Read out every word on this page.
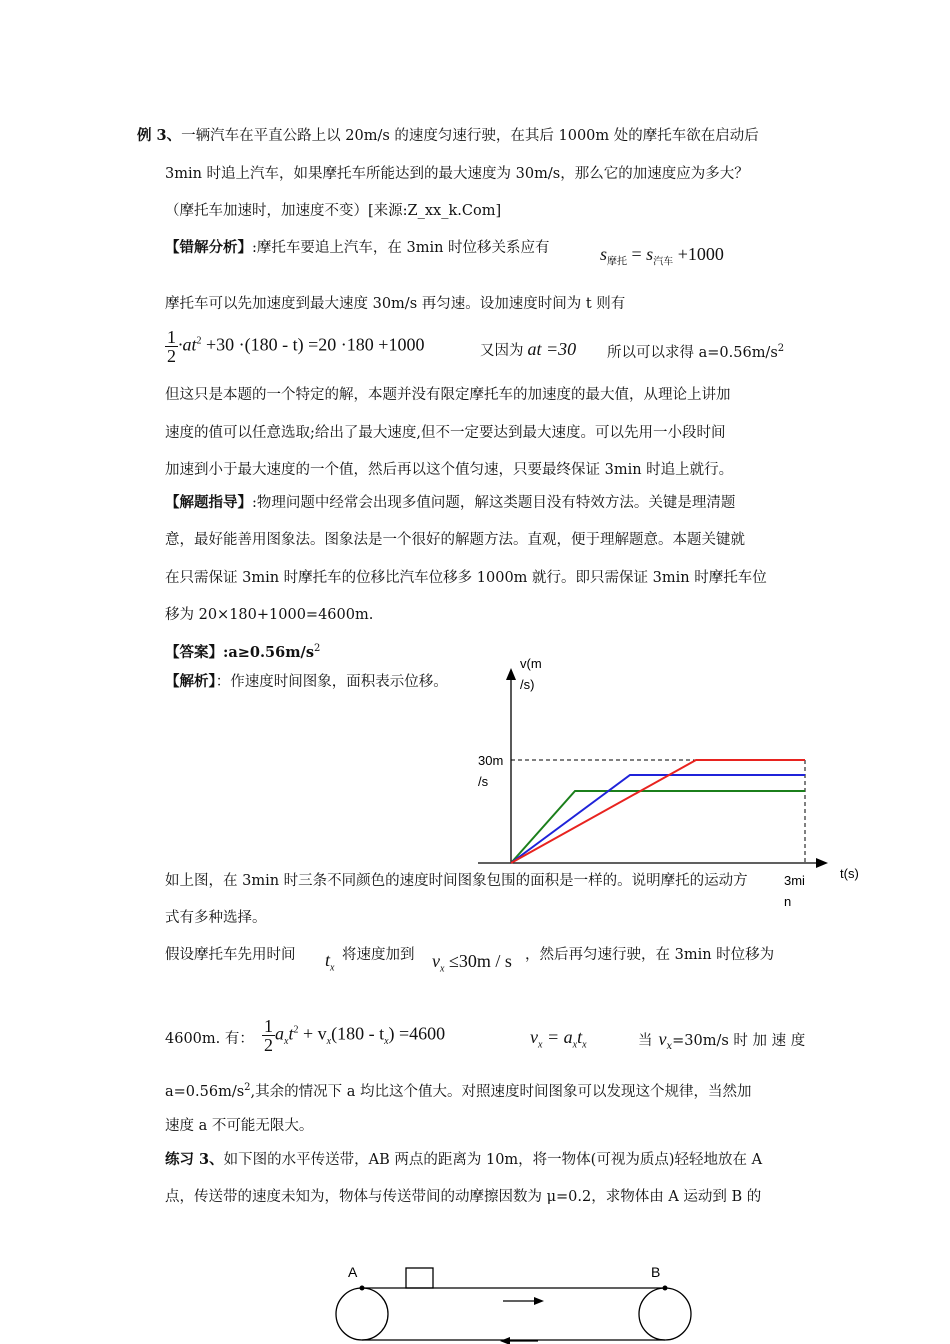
例 3、一辆汽车在平直公路上以 20m/s 的速度匀速行驶，在其后 1000m 处的摩托车欲在启动后
3min 时追上汽车，如果摩托车所能达到的最大速度为 30m/s，那么它的加速度应为多大？
（摩托车加速时，加速度不变）[来源:Z_xx_k.Com]
【错解分析】:摩托车要追上汽车，在 3min 时位移关系应有	$s_{摩托} = s_{汽车} +1000$
摩托车可以先加速度到最大速度 30m/s 再匀速。设加速度时间为 t 则有
$\frac{1}{2} \cdot at^2 +30 \cdot(180 - t) =20 \cdot 180 +1000$	又因为 at =30 所以可以求得 $a=0.56m/s^2$
但这只是本题的一个特定的解，本题并没有限定摩托车的加速度的最大值，从理论上讲加
速度的值可以任意选取;给出了最大速度,但不一定要达到最大速度。可以先用一小段时间
加速到小于最大速度的一个值，然后再以这个值匀速，只要最终保证 3min 时追上就行。
【解题指导】:物理问题中经常会出现多值问题，解这类题目没有特效方法。关键是理清题
意，最好能善用图象法。图象法是一个很好的解题方法。直观，便于理解题意。本题关键就
在只需保证 3min 时摩托车的位移比汽车位移多 1000m 就行。即只需保证 3min 时摩托车位
移为 20×180+1000=4600m.
【答案】$:a\ge 0.56m/s^2$
【解析】：作速度时间图象，面积表示位移。
v(m
/s)
30m
/s
t(s)
3mi
n
如上图，在 3min 时三条不同颜色的速度时间图象包围的面积是一样的。说明摩托的运动方
式有多种选择。
假设摩托车先用时间 $t_x$
将速度加到 $v_x \le 30m / s$ ，然后再匀速行驶，在 3min 时位移为
4600m. 有： $\frac{1}{2} a_xt^2 + v_x(180 - t_x) =4600$	$v_x = a_xt_x$	当 $v_x=30m/s$ 时 加 速 度
$a=0.56m/s^2$,其余的情况下 a 均比这个值大。对照速度时间图象可以发现这个规律，当然加
速度 a 不可能无限大。
练习 3、如下图的水平传送带，AB 两点的距离为 10m，将一物体(可视为质点)轻轻地放在 A
点，传送带的速度未知为，物体与传送带间的动摩擦因数为 μ=0.2，求物体由 A 运动到 B 的
A	B
